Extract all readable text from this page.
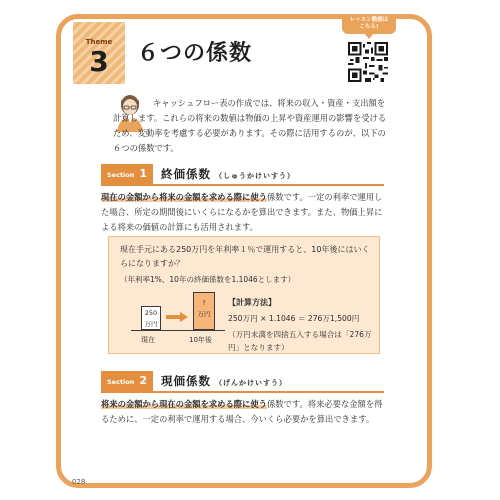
Theme
3	６つの係数
レッスン動画は
こちら!
キャッシュフロー表の作成では、将来の収入・資産・支出額を計算します。これらの将来の数値は物価の上昇や資産運用の影響を受けるため、変動率を考慮する必要があります。その際に活用するのが、以下の６つの係数です。
Section 1	終価係数 （しゅうかけいすう）
現在の金額から将来の金額を求める際に使う係数です。一定の利率で運用した場合、所定の期間後にいくらになるかを算出できます。また、物価上昇による将来の価値の計算にも活用されます。
現在手元にある250万円を年利率１％で運用すると、10年後にはいくらになりますか？
（年利率1%、10年の終価係数を1.1046とします）
250
万円
?
万円
現在	10年後
【計算方法】
250万円 × 1.1046 ＝ 276万1,500円
（万円未満を四捨五入する場合は「276万円」となります）
Section 2	現価係数 （げんかけいすう）
将来の金額から現在の金額を求める際に使う係数です。将来必要な金額を得るために、一定の利率で運用する場合、今いくら必要かを算出できます。
028
